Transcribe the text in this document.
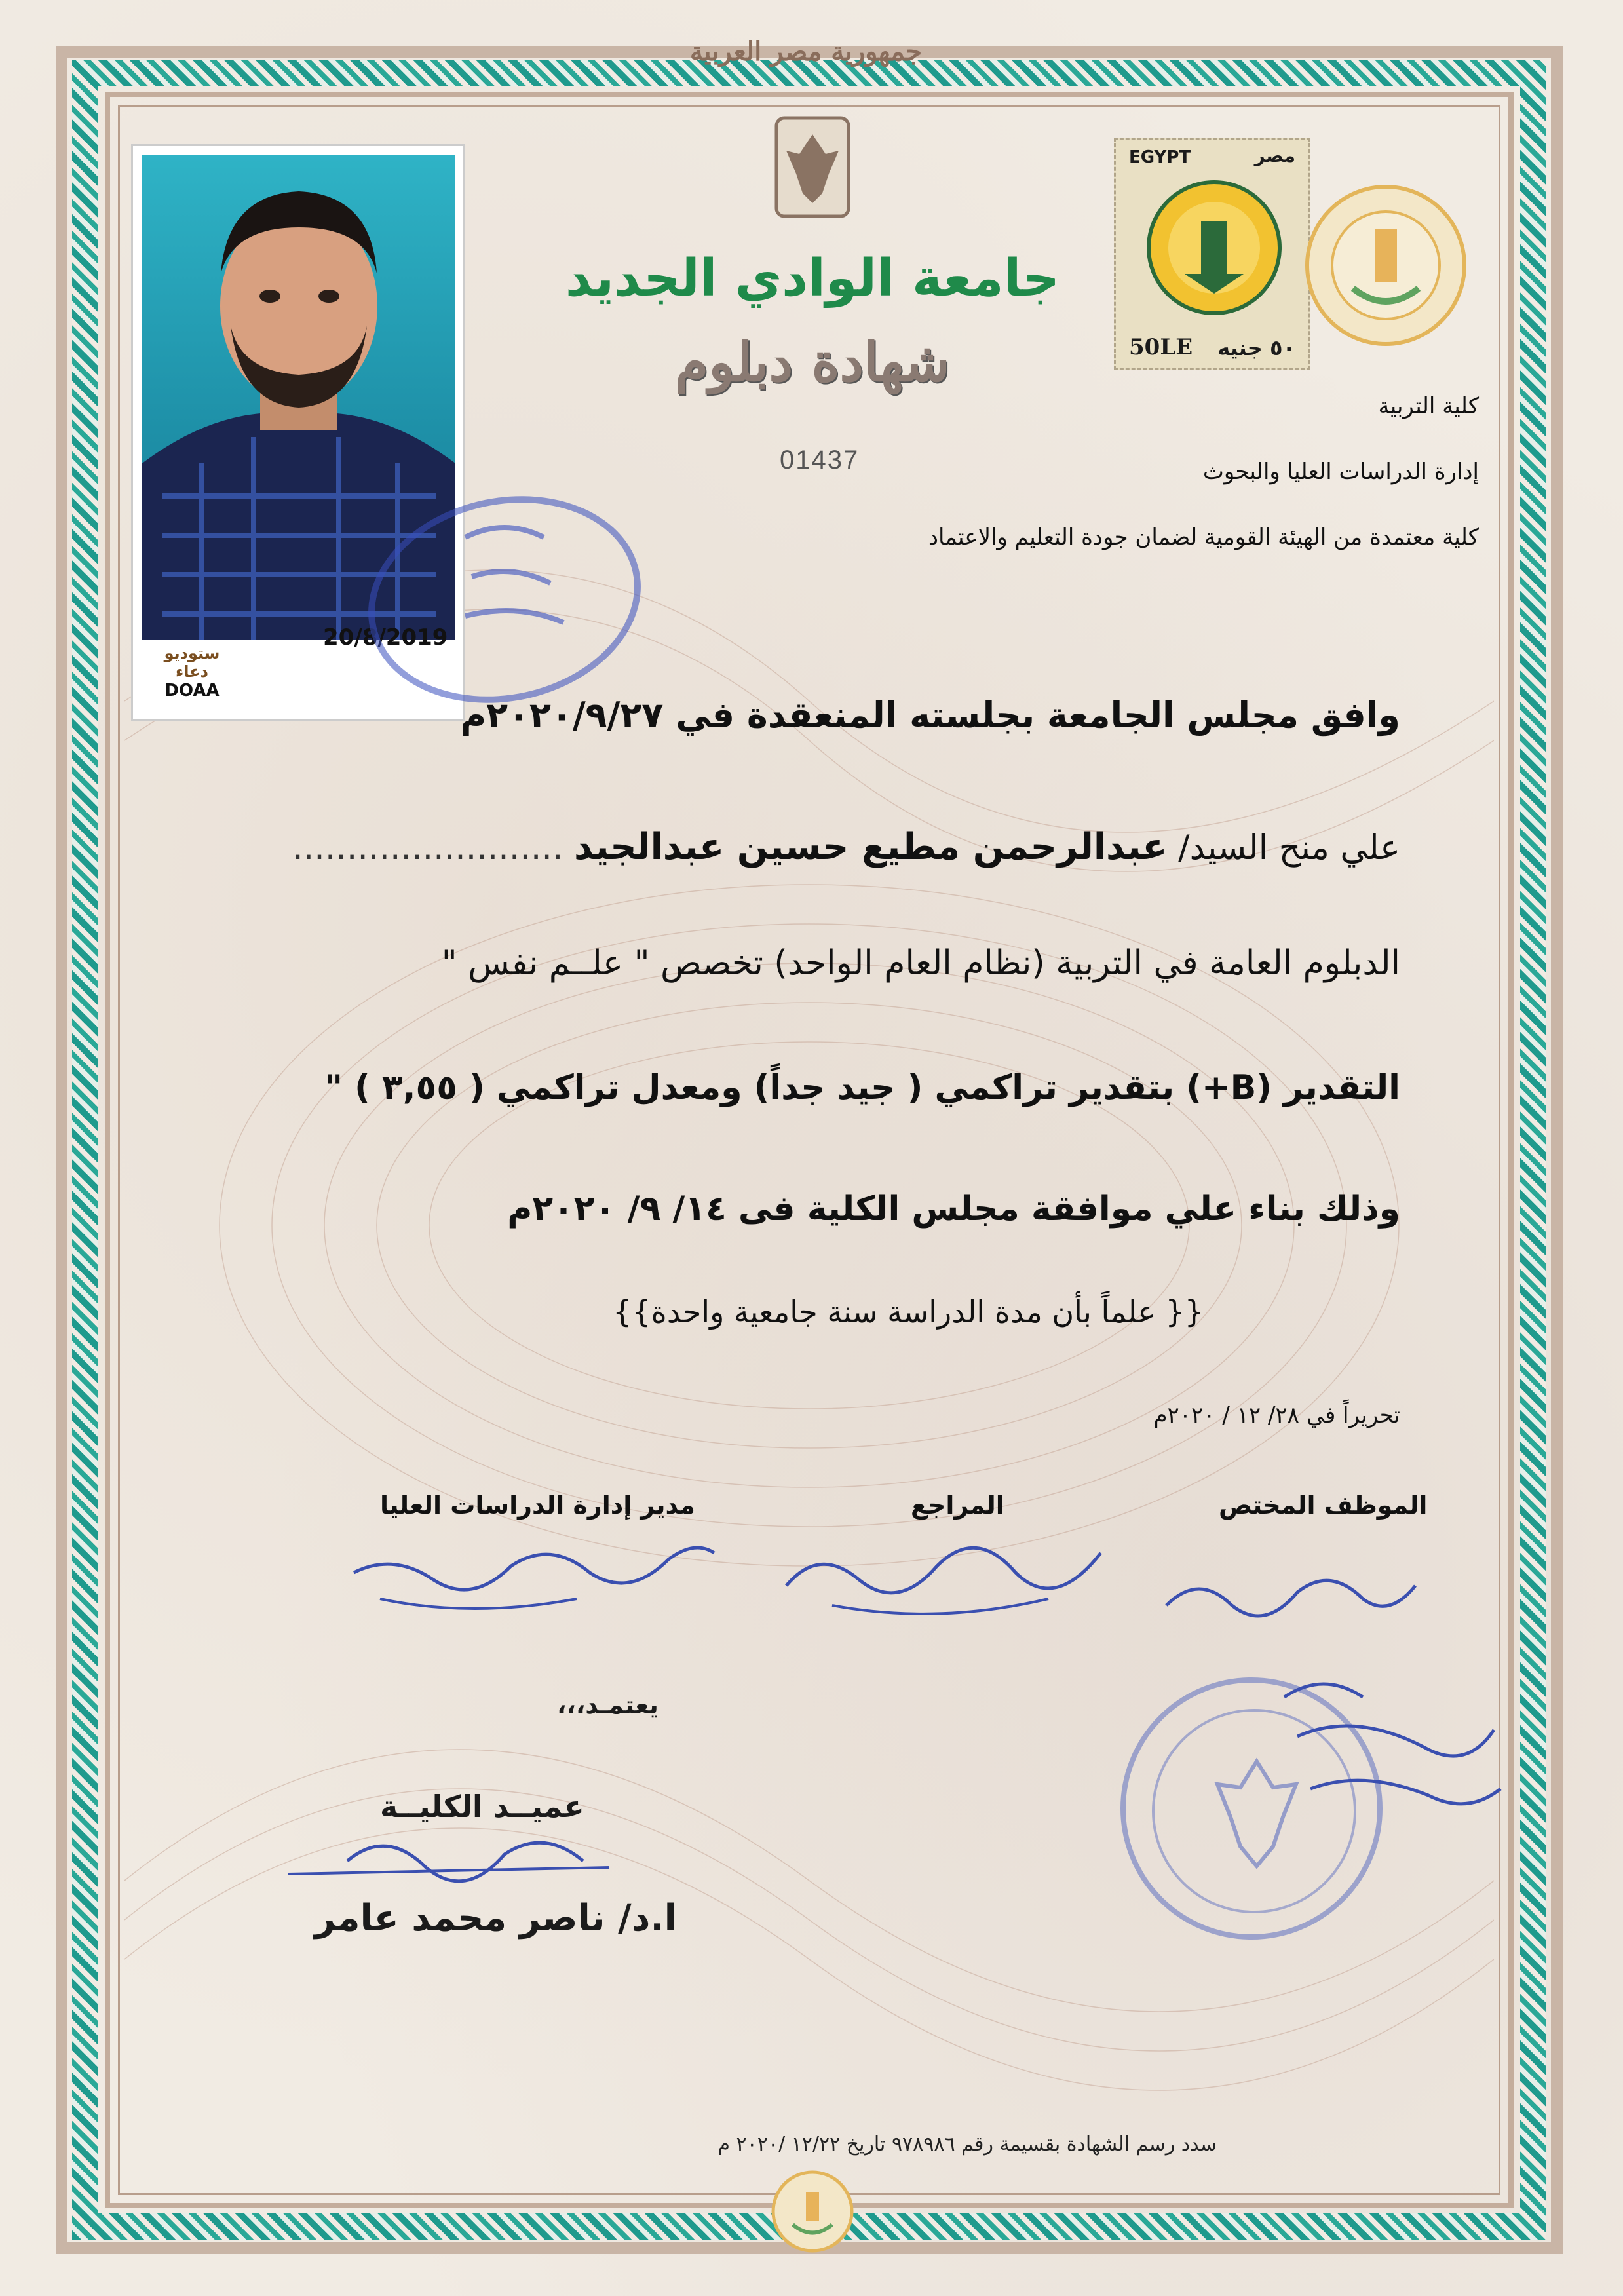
جمهورية مصر العربية
20/8/2019
ستوديو دعاء
DOAA
EGYPT	مصر
50LE ٥٠ جنيه
جامعة الوادي الجديد
شهادة دبلوم
01437
كلية التربية
إدارة الدراسات العليا والبحوث
كلية معتمدة من الهيئة القومية لضمان جودة التعليم والاعتماد
وافق مجلس الجامعة بجلسته المنعقدة في ٢٠٢٠/٩/٢٧م
علي منح السيد/ عبدالرحمن مطيع حسين عبدالجيد .........................
الدبلوم العامة في التربية (نظام العام الواحد) تخصص " علــم نفس "
التقدير (B+) بتقدير تراكمي ( جيد جداً) ومعدل تراكمي ( ٣,٥٥ ) "
وذلك بناء علي موافقة مجلس الكلية فى ١٤/ ٩/ ٢٠٢٠م
{{ علماً بأن مدة الدراسة سنة جامعية واحدة}}
تحريراً في ٢٨/ ١٢ / ٢٠٢٠م
الموظف المختص
المراجع
مدير إدارة الدراسات العليا
يعتمـد،،،
عميــد الكليــة
ا.د/ ناصر محمد عامر
سدد رسم الشهادة بقسيمة رقم ٩٧٨٩٨٦ تاريخ ١٢/٢٢ /٢٠٢٠ م
